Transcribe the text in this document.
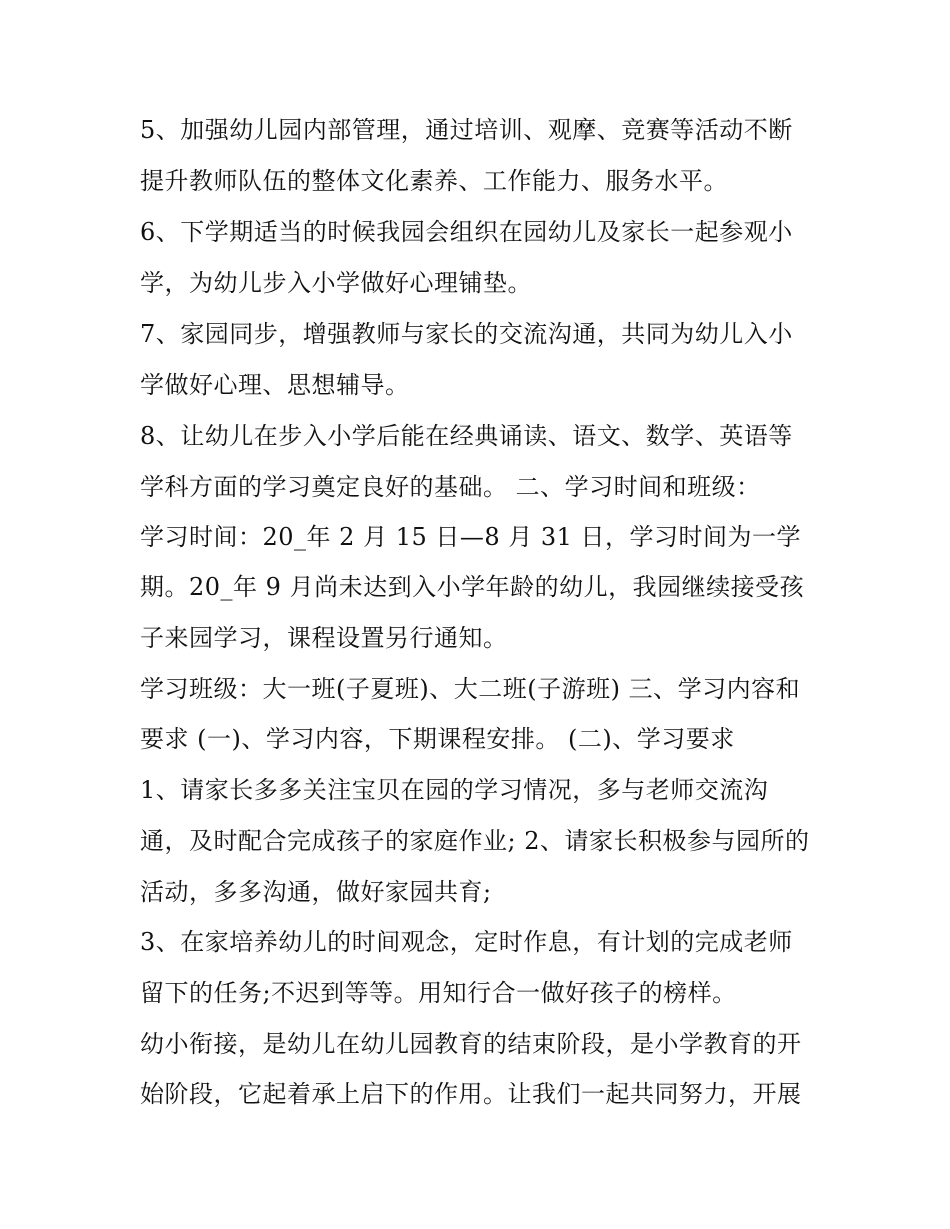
5、加强幼儿园内部管理，通过培训、观摩、竞赛等活动不断
提升教师队伍的整体文化素养、工作能力、服务水平。
6、下学期适当的时候我园会组织在园幼儿及家长一起参观小
学，为幼儿步入小学做好心理铺垫。
7、家园同步，增强教师与家长的交流沟通，共同为幼儿入小
学做好心理、思想辅导。
8、让幼儿在步入小学后能在经典诵读、语文、数学、英语等
学科方面的学习奠定良好的基础。 二、学习时间和班级：
学习时间：20_年 2 月 15 日—8 月 31 日，学习时间为一学
期。20_年 9 月尚未达到入小学年龄的幼儿，我园继续接受孩
子来园学习，课程设置另行通知。
学习班级：大一班(子夏班)、大二班(子游班) 三、学习内容和
要求 (一)、学习内容，下期课程安排。 (二)、学习要求
1、请家长多多关注宝贝在园的学习情况，多与老师交流沟
通，及时配合完成孩子的家庭作业; 2、请家长积极参与园所的
活动，多多沟通，做好家园共育;
3、在家培养幼儿的时间观念，定时作息，有计划的完成老师
留下的任务;不迟到等等。用知行合一做好孩子的榜样。
幼小衔接，是幼儿在幼儿园教育的结束阶段，是小学教育的开
始阶段，它起着承上启下的作用。让我们一起共同努力，开展
